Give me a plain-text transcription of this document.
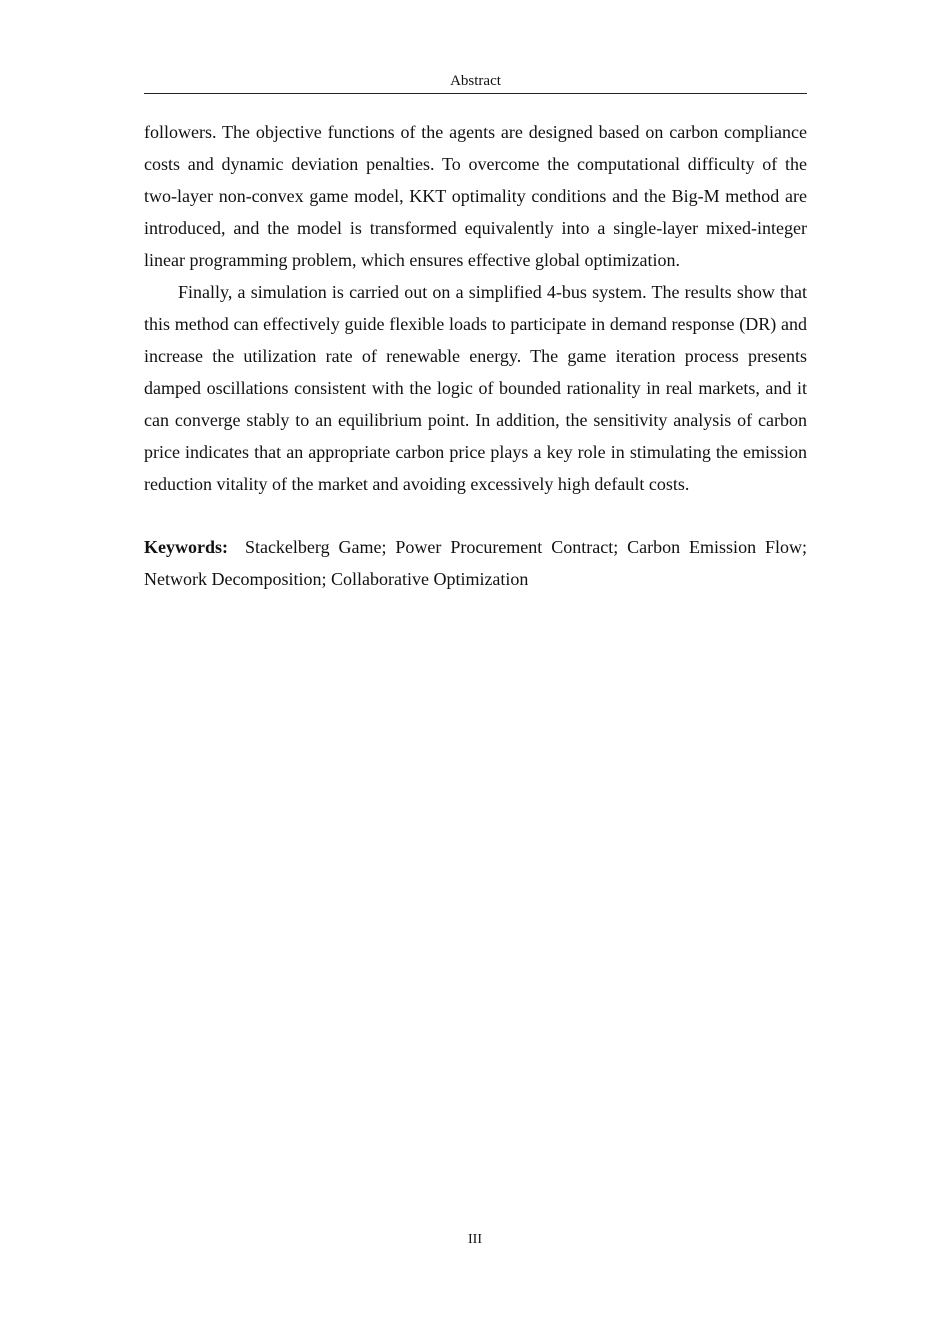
Abstract

followers. The objective functions of the agents are designed based on carbon compliance costs and dynamic deviation penalties. To overcome the computational difficulty of the two-layer non-convex game model, KKT optimality conditions and the Big-M method are introduced, and the model is transformed equivalently into a single-layer mixed-integer linear programming problem, which ensures effective global optimization.

Finally, a simulation is carried out on a simplified 4-bus system. The results show that this method can effectively guide flexible loads to participate in demand response (DR) and increase the utilization rate of renewable energy. The game iteration process presents damped oscillations consistent with the logic of bounded rationality in real markets, and it can converge stably to an equilibrium point. In addition, the sensitivity analysis of carbon price indicates that an appropriate carbon price plays a key role in stimulating the emission reduction vitality of the market and avoiding excessively high default costs.

Keywords: Stackelberg Game; Power Procurement Contract; Carbon Emission Flow; Network Decomposition; Collaborative Optimization

III
